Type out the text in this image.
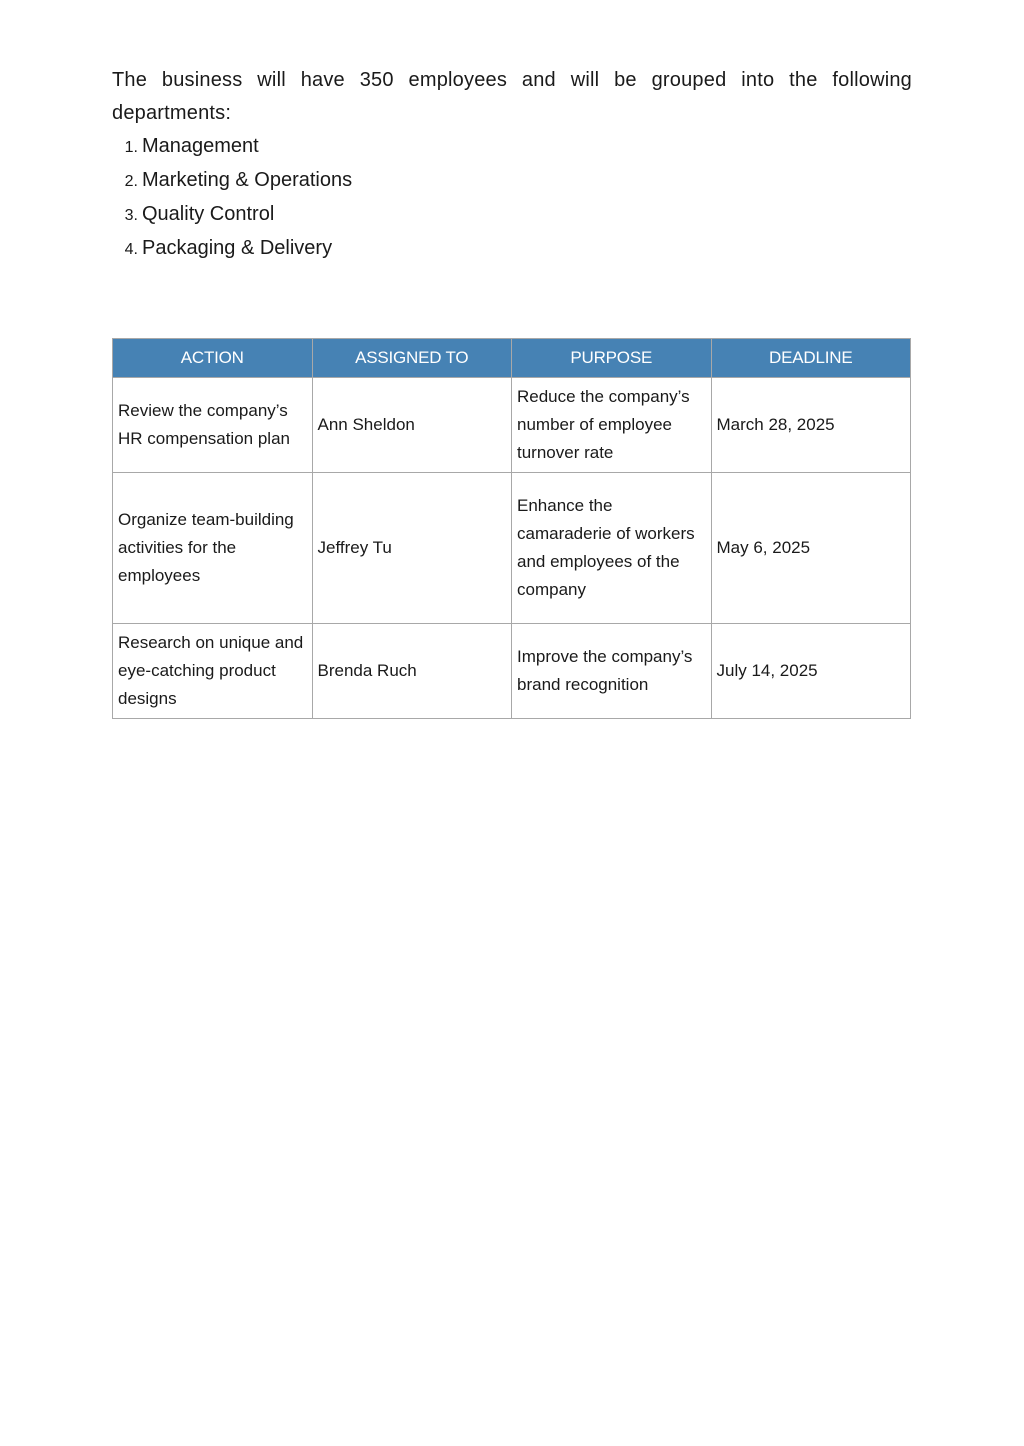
The business will have 350 employees and will be grouped into the following
departments:

1. Management
2. Marketing & Operations
3. Quality Control
4. Packaging & Delivery
ACTION	ASSIGNED TO	PURPOSE	DEADLINE
Review the company’s HR compensation plan	Ann Sheldon	Reduce the company’s number of employee turnover rate	March 28, 2025
Organize team-building activities for the employees	Jeffrey Tu	Enhance the camaraderie of workers and employees of the company	May 6, 2025
Research on unique and eye-catching product designs	Brenda Ruch	Improve the company’s brand recognition	July 14, 2025
